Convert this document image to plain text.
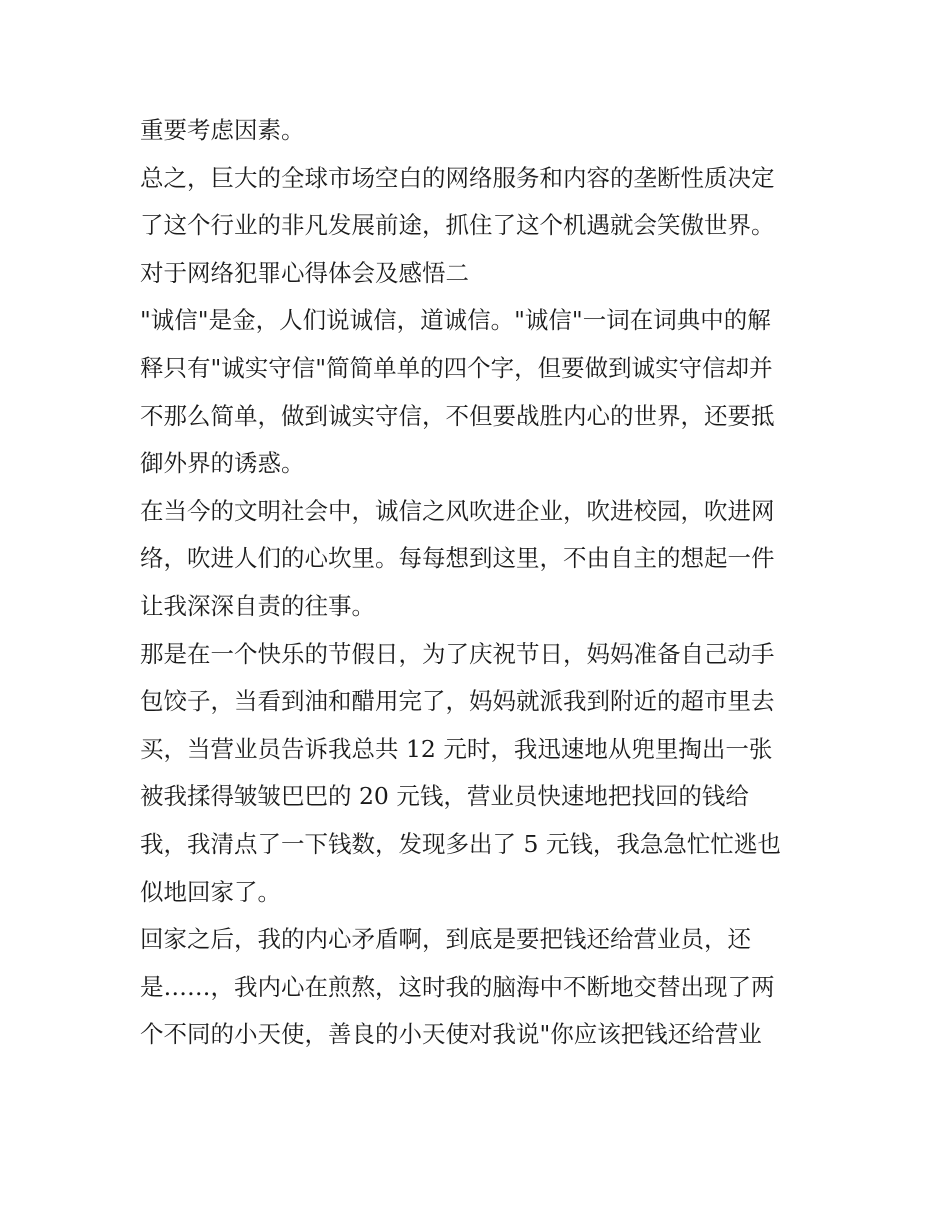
重要考虑因素。
总之，巨大的全球市场空白的网络服务和内容的垄断性质决定
了这个行业的非凡发展前途，抓住了这个机遇就会笑傲世界。
对于网络犯罪心得体会及感悟二
"诚信"是金，人们说诚信，道诚信。"诚信"一词在词典中的解
释只有"诚实守信"简简单单的四个字，但要做到诚实守信却并
不那么简单，做到诚实守信，不但要战胜内心的世界，还要抵
御外界的诱惑。
在当今的文明社会中，诚信之风吹进企业，吹进校园，吹进网
络，吹进人们的心坎里。每每想到这里，不由自主的想起一件
让我深深自责的往事。
那是在一个快乐的节假日，为了庆祝节日，妈妈准备自己动手
包饺子，当看到油和醋用完了，妈妈就派我到附近的超市里去
买，当营业员告诉我总共 12 元时，我迅速地从兜里掏出一张
被我揉得皱皱巴巴的 20 元钱，营业员快速地把找回的钱给
我，我清点了一下钱数，发现多出了 5 元钱，我急急忙忙逃也
似地回家了。
回家之后，我的内心矛盾啊，到底是要把钱还给营业员，还
是……，我内心在煎熬，这时我的脑海中不断地交替出现了两
个不同的小天使，善良的小天使对我说"你应该把钱还给营业
